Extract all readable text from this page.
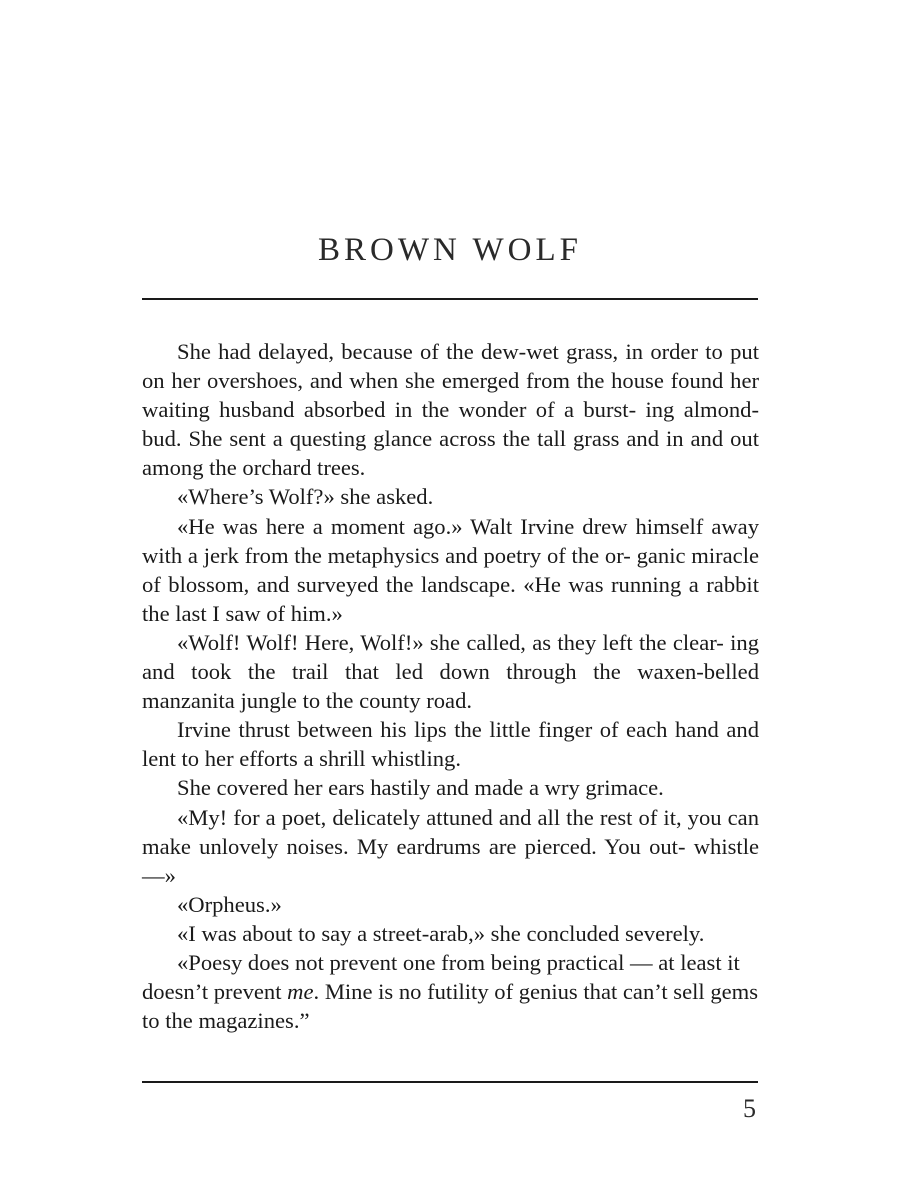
BROWN WOLF

She had delayed, because of the dew-wet grass, in order to put on her overshoes, and when she emerged from the house found her waiting husband absorbed in the wonder of a burst- ing almond-bud. She sent a questing glance across the tall grass and in and out among the orchard trees.

«Where’s Wolf?» she asked.

«He was here a moment ago.» Walt Irvine drew himself away with a jerk from the metaphysics and poetry of the or- ganic miracle of blossom, and surveyed the landscape. «He was running a rabbit the last I saw of him.»

«Wolf! Wolf! Here, Wolf!» she called, as they left the clear- ing and took the trail that led down through the waxen-belled manzanita jungle to the county road.

Irvine thrust between his lips the little finger of each hand and lent to her efforts a shrill whistling.

She covered her ears hastily and made a wry grimace.

«My! for a poet, delicately attuned and all the rest of it, you can make unlovely noises. My eardrums are pierced. You out- whistle —»

«Orpheus.»

«I was about to say a street-arab,» she concluded severely.

«Poesy does not prevent one from being practical — at least it doesn’t prevent me. Mine is no futility of genius that can’t sell gems to the magazines.”

5
